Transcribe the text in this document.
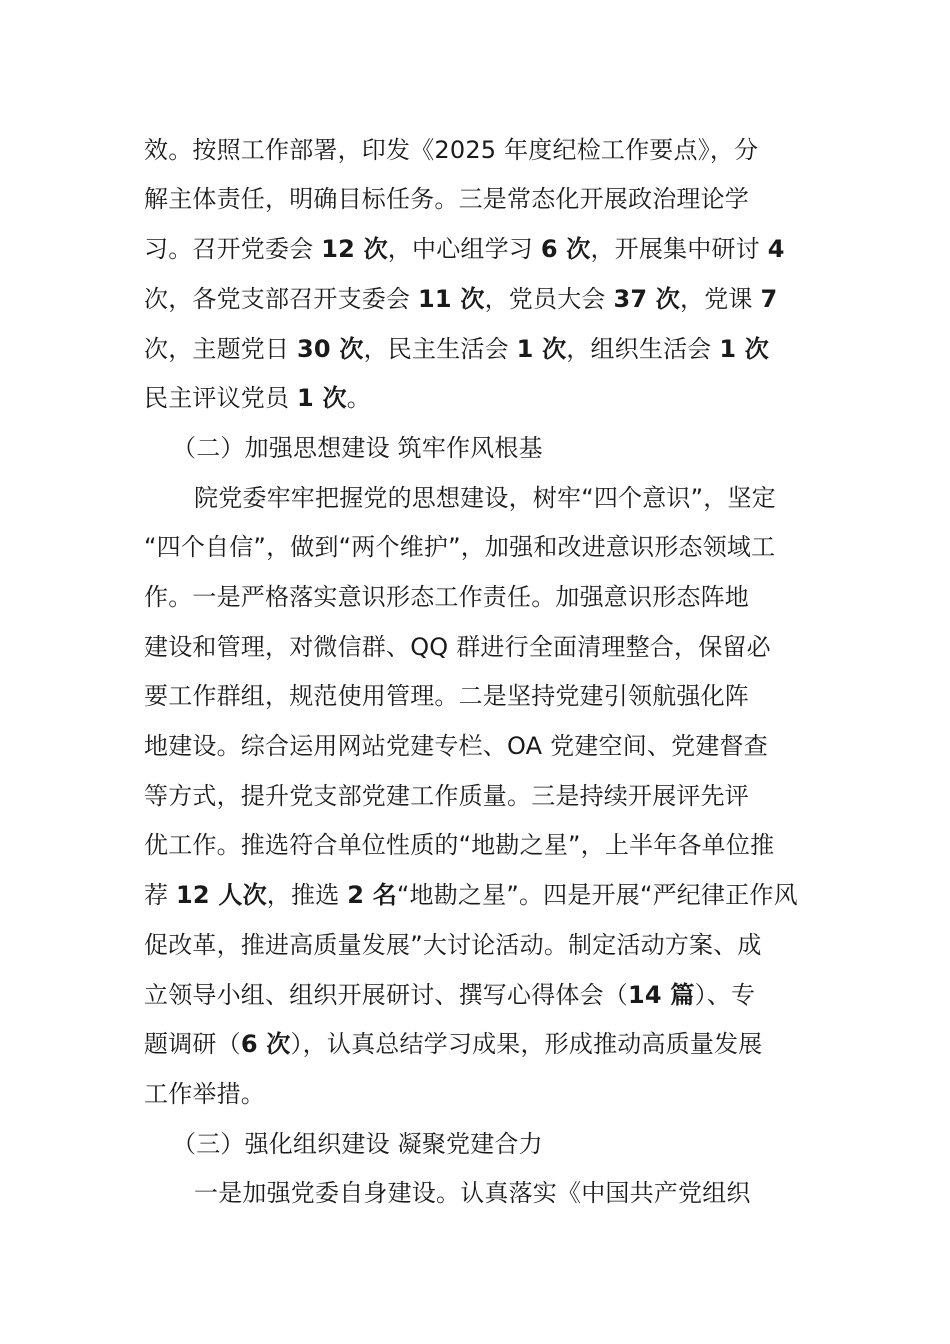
效。按照工作部署，印发《2025 年度纪检工作要点》，分
解主体责任，明确目标任务。三是常态化开展政治理论学
习。召开党委会 12 次，中心组学习 6 次，开展集中研讨 4
次，各党支部召开支委会 11 次，党员大会 37 次，党课 7
次，主题党日 30 次，民主生活会 1 次，组织生活会 1 次
民主评议党员 1 次。
（二）加强思想建设 筑牢作风根基
院党委牢牢把握党的思想建设，树牢“四个意识”，坚定
“四个自信”，做到“两个维护”，加强和改进意识形态领域工
作。一是严格落实意识形态工作责任。加强意识形态阵地
建设和管理，对微信群、QQ 群进行全面清理整合，保留必
要工作群组，规范使用管理。二是坚持党建引领航强化阵
地建设。综合运用网站党建专栏、OA 党建空间、党建督查
等方式，提升党支部党建工作质量。三是持续开展评先评
优工作。推选符合单位性质的“地勘之星”，上半年各单位推
荐 12 人次，推选 2 名“地勘之星”。四是开展“严纪律正作风
促改革，推进高质量发展”大讨论活动。制定活动方案、成
立领导小组、组织开展研讨、撰写心得体会（14 篇）、专
题调研（6 次），认真总结学习成果，形成推动高质量发展
工作举措。
（三）强化组织建设 凝聚党建合力
一是加强党委自身建设。认真落实《中国共产党组织
